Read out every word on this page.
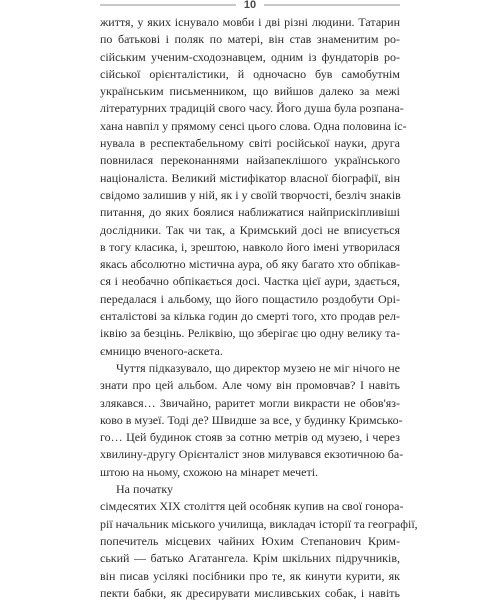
10
життя, у яких існувало мовби і дві різні людини. Татарин
по батькові і поляк по матері, він став знаменитим ро-
сійським ученим-сходознавцем, одним із фундаторів ро-
сійської орієнталістики, й одночасно був самобутнім
українським письменником, що вийшов далеко за межі
літературних традицій свого часу. Його душа була розпана-
хана навпіл у прямому сенсі цього слова. Одна половина іс-
нувала в респектабельному світі російської науки, друга
повнилася переконаннями найзапеклішого українського
націоналіста. Великий містифікатор власної біографії, він
свідомо залишив у ній, як і у своїй творчості, безліч знаків
питання, до яких боялися наближатися найприскіпливіші
дослідники. Так чи так, а Кримський досі не вписується
в тогу класика, і, зрештою, навколо його імені утворилася
якась абсолютно містична аура, об яку багато хто обпікав-
ся і необачно обпікається досі. Частка цієї аури, здається,
передалася і альбому, що його пощастило роздобути Орі-
єнталістові за кілька годин до смерті того, хто продав рел-
іквію за безцінь. Реліквію, що зберігає цю одну велику та-
ємницю вченого-аскета.
Чуття підказувало, що директор музею не міг нічого не
знати про цей альбом. Але чому він промовчав? І навіть
злякався… Звичайно, раритет могли викрасти не обов'яз-
ково в музеї. Тоді де? Швидше за все, у будинку Кримсько-
го… Цей будинок стояв за сотню метрів од музею, і через
хвилину-другу Орієнталіст знов милувався екзотичною ба-
штою на ньому, схожою на мінарет мечеті.
На початку
сімдесятих XIX століття цей особняк купив на свої гонора-
рії начальник міського училища, викладач історії та географії,
попечитель місцевих чайних Юхим Степанович Крим-
ський — батько Агатангела. Крім шкільних підручників,
він писав усілякі посібники про те, як кинути курити, як
пекти бабки, як дресирувати мисливських собак, і навіть
